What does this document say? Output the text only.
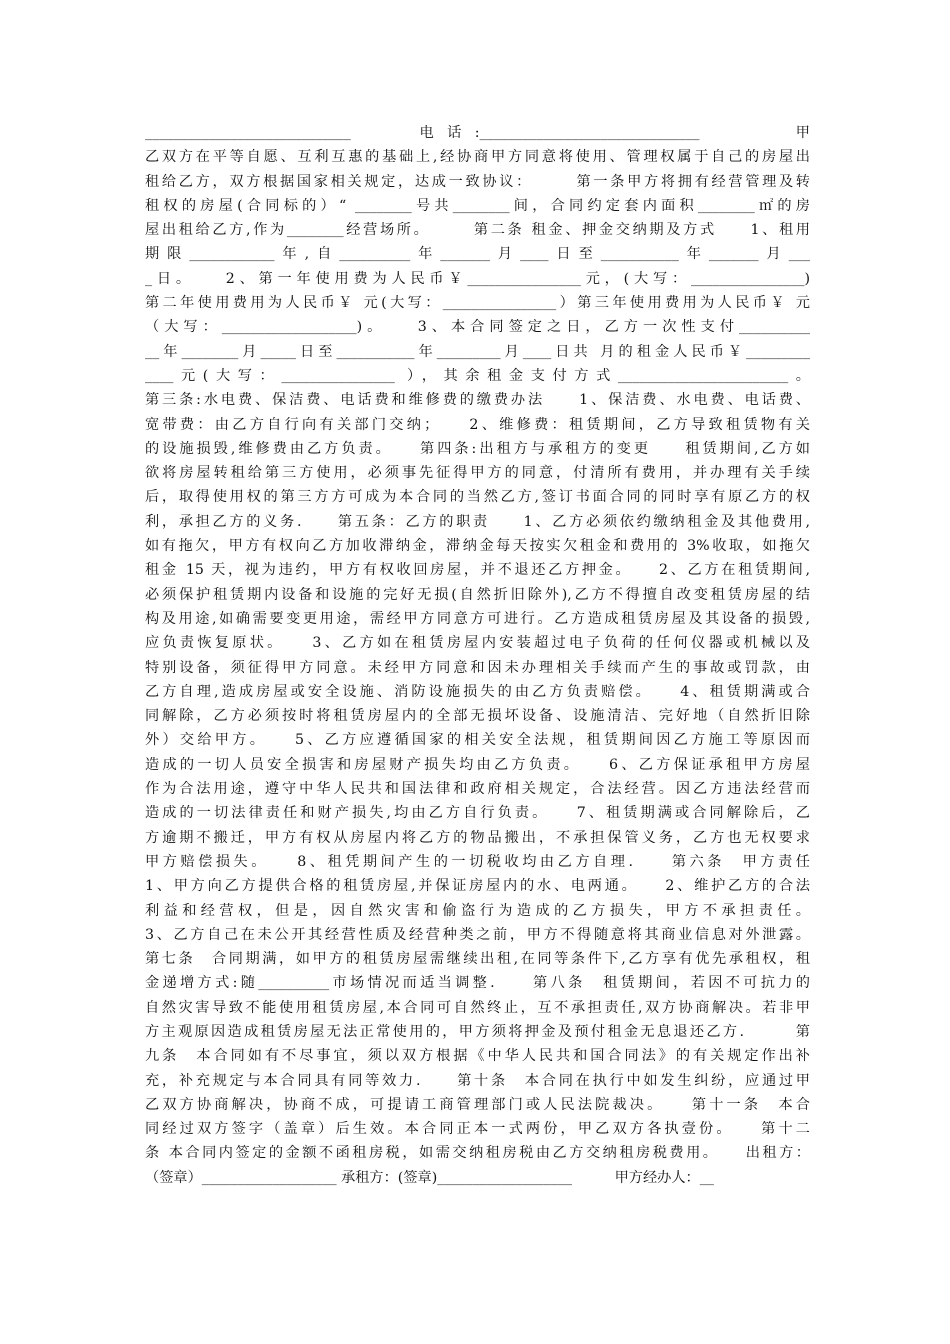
_____________________________　　电话:_______________________________　　　甲
乙双方在平等自愿、互利互惠的基础上,经协商甲方同意将使用、管理权属于自己的房屋出
租给乙方，双方根据国家相关规定，达成一致协议：　　　第一条甲方将拥有经营管理及转
租权的房屋(合同标的）“ ________号共________间，合同约定套内面积________㎡的房
屋出租给乙方,作为________经营场所。　　　第二条 租金、押金交纳期及方式　　1、租用
期限____________年,自__________年_______月____日至___________年_______月___
_日。　　2、第一年使用费为人民币￥________________元，(大写：________________)
第二年使用费用为人民币￥ 元(大写：________________）第三年使用费用为人民币￥ 元
（大写：___________________)。　　3、本合同签定之日，乙方一次性支付__________
__年________月_____日至___________年_________月____日共 月的租金人民币￥_________
____元(大写：________________ ），其余租金支付方式________________________。
第三条:水电费、保洁费、电话费和维修费的缴费办法　　1、保洁费、水电费、电话费、
宽带费：由乙方自行向有关部门交纳；　　2、维修费：租赁期间，乙方导致租赁物有关
的设施损毁,维修费由乙方负责。　　第四条:出租方与承租方的变更　　租赁期间,乙方如
欲将房屋转租给第三方使用，必须事先征得甲方的同意，付清所有费用，并办理有关手续
后，取得使用权的第三方方可成为本合同的当然乙方,签订书面合同的同时享有原乙方的权
利，承担乙方的义务.　　第五条：乙方的职责　　1、乙方必须依约缴纳租金及其他费用,
如有拖欠，甲方有权向乙方加收滞纳金，滞纳金每天按实欠租金和费用的 3%收取，如拖欠
租金 15 天，视为违约，甲方有权收回房屋，并不退还乙方押金。　　2、乙方在租赁期间,
必须保护租赁期内设备和设施的完好无损(自然折旧除外),乙方不得擅自改变租赁房屋的结
构及用途,如确需要变更用途，需经甲方同意方可进行。乙方造成租赁房屋及其设备的损毁,
应负责恢复原状。　　3、乙方如在租赁房屋内安装超过电子负荷的任何仪器或机械以及
特别设备，须征得甲方同意。未经甲方同意和因未办理相关手续而产生的事故或罚款，由
乙方自理,造成房屋或安全设施、消防设施损失的由乙方负责赔偿。　　4、租赁期满或合
同解除，乙方必须按时将租赁房屋内的全部无损坏设备、设施清洁、完好地（自然折旧除
外）交给甲方。　　5、乙方应遵循国家的相关安全法规，租赁期间因乙方施工等原因而
造成的一切人员安全损害和房屋财产损失均由乙方负责。　　6、乙方保证承租甲方房屋
作为合法用途，遵守中华人民共和国法律和政府相关规定，合法经营。因乙方违法经营而
造成的一切法律责任和财产损失,均由乙方自行负责。　　7、租赁期满或合同解除后，乙
方逾期不搬迁，甲方有权从房屋内将乙方的物品搬出，不承担保管义务，乙方也无权要求
甲方赔偿损失。　　8、租凭期间产生的一切税收均由乙方自理.　　第六条　甲方责任
1、甲方向乙方提供合格的租赁房屋,并保证房屋内的水、电两通。　　2、维护乙方的合法
利益和经营权，但是，因自然灾害和偷盗行为造成的乙方损失，甲方不承担责任。
3、乙方自己在未公开其经营性质及经营种类之前，甲方不得随意将其商业信息对外泄露。
第七条　合同期满，如甲方的租赁房屋需继续出租,在同等条件下,乙方享有优先承租权，租
金递增方式:随__________市场情况而适当调整.　　第八条　租赁期间，若因不可抗力的
自然灾害导致不能使用租赁房屋,本合同可自然终止，互不承担责任,双方协商解决。若非甲
方主观原因造成租赁房屋无法正常使用的，甲方须将押金及预付租金无息退还乙方.　　　第
九条　本合同如有不尽事宜，须以双方根据《中华人民共和国合同法》的有关规定作出补
充，补充规定与本合同具有同等效力.　　第十条　本合同在执行中如发生纠纷，应通过甲
乙双方协商解决，协商不成，可提请工商管理部门或人民法院裁决。　　第十一条　本合
同经过双方签字（盖章）后生效。本合同正本一式两份，甲乙双方各执壹份。　　第十二
条 本合同内签定的金额不函租房税，如需交纳租房税由乙方交纳租房税费用。　　出租方：
（签章）___________________ 承租方：(签章)___________________　　　甲方经办人：__
